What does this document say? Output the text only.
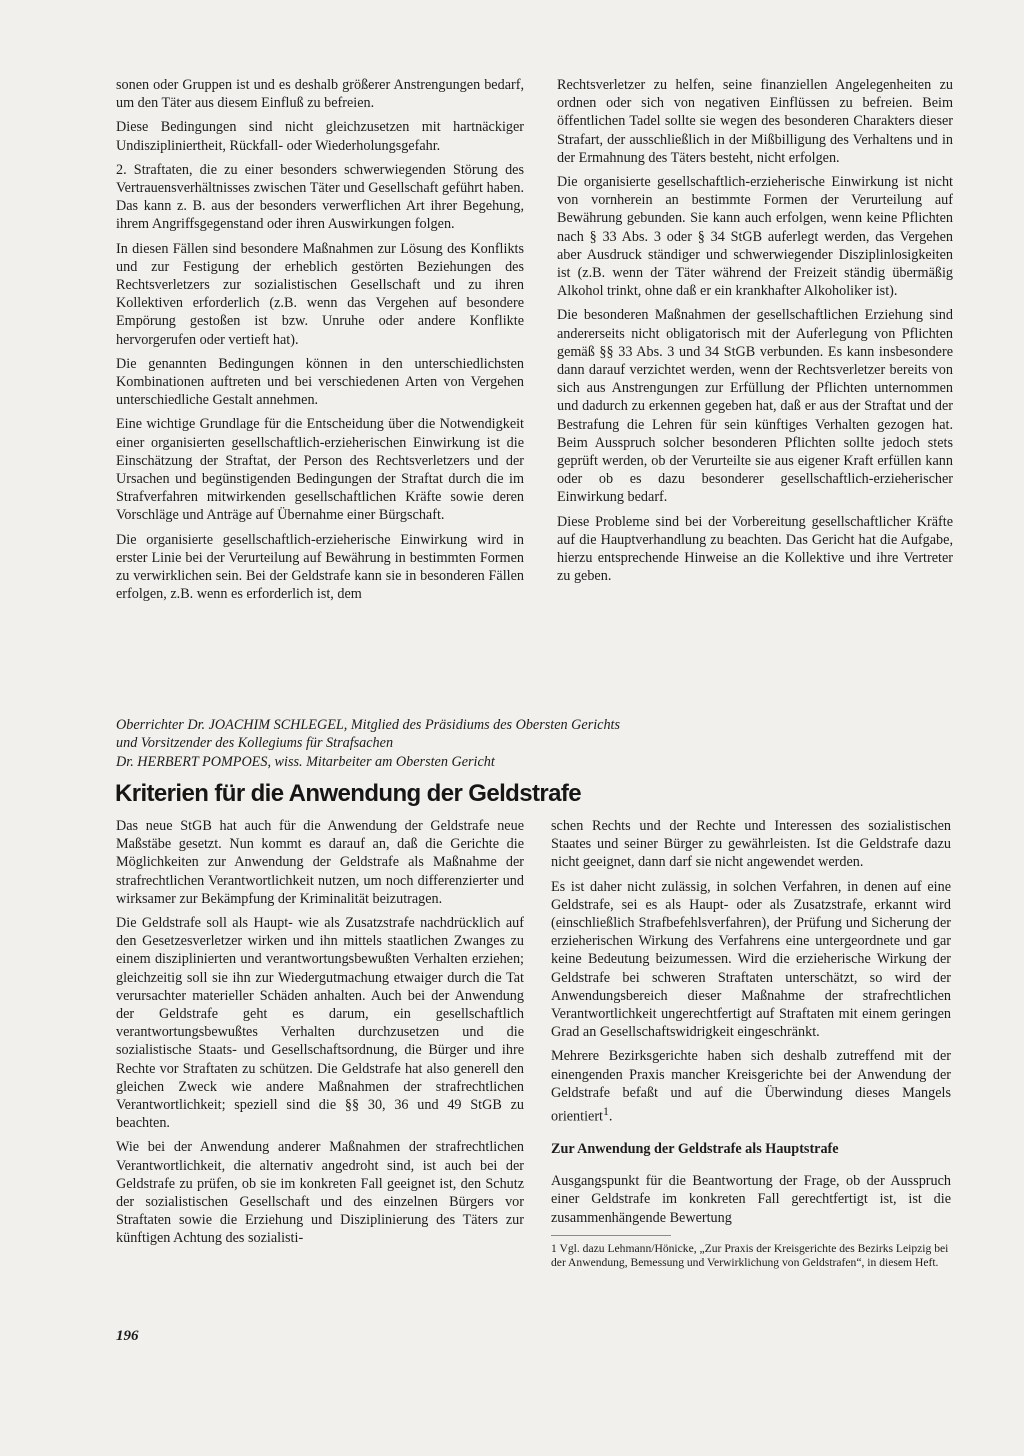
sonen oder Gruppen ist und es deshalb größerer Anstrengungen bedarf, um den Täter aus diesem Einfluß zu befreien.

Diese Bedingungen sind nicht gleichzusetzen mit hartnäckiger Undiszipliniertheit, Rückfall- oder Wiederholungsgefahr.

2. Straftaten, die zu einer besonders schwerwiegenden Störung des Vertrauensverhältnisses zwischen Täter und Gesellschaft geführt haben. Das kann z. B. aus der besonders verwerflichen Art ihrer Begehung, ihrem Angriffsgegenstand oder ihren Auswirkungen folgen.

In diesen Fällen sind besondere Maßnahmen zur Lösung des Konflikts und zur Festigung der erheblich gestörten Beziehungen des Rechtsverletzers zur sozialistischen Gesellschaft und zu ihren Kollektiven erforderlich (z.B. wenn das Vergehen auf besondere Empörung gestoßen ist bzw. Unruhe oder andere Konflikte hervorgerufen oder vertieft hat).

Die genannten Bedingungen können in den unterschiedlichsten Kombinationen auftreten und bei verschiedenen Arten von Vergehen unterschiedliche Gestalt annehmen.

Eine wichtige Grundlage für die Entscheidung über die Notwendigkeit einer organisierten gesellschaftlich-erzieherischen Einwirkung ist die Einschätzung der Straftat, der Person des Rechtsverletzers und der Ursachen und begünstigenden Bedingungen der Straftat durch die im Strafverfahren mitwirkenden gesellschaftlichen Kräfte sowie deren Vorschläge und Anträge auf Übernahme einer Bürgschaft.

Die organisierte gesellschaftlich-erzieherische Einwirkung wird in erster Linie bei der Verurteilung auf Bewährung in bestimmten Formen zu verwirklichen sein. Bei der Geldstrafe kann sie in besonderen Fällen erfolgen, z.B. wenn es erforderlich ist, dem

Rechtsverletzer zu helfen, seine finanziellen Angelegenheiten zu ordnen oder sich von negativen Einflüssen zu befreien. Beim öffentlichen Tadel sollte sie wegen des besonderen Charakters dieser Strafart, der ausschließlich in der Mißbilligung des Verhaltens und in der Ermahnung des Täters besteht, nicht erfolgen.

Die organisierte gesellschaftlich-erzieherische Einwirkung ist nicht von vornherein an bestimmte Formen der Verurteilung auf Bewährung gebunden. Sie kann auch erfolgen, wenn keine Pflichten nach § 33 Abs. 3 oder § 34 StGB auferlegt werden, das Vergehen aber Ausdruck ständiger und schwerwiegender Disziplinlosigkeiten ist (z.B. wenn der Täter während der Freizeit ständig übermäßig Alkohol trinkt, ohne daß er ein krankhafter Alkoholiker ist).

Die besonderen Maßnahmen der gesellschaftlichen Erziehung sind andererseits nicht obligatorisch mit der Auferlegung von Pflichten gemäß §§ 33 Abs. 3 und 34 StGB verbunden. Es kann insbesondere dann darauf verzichtet werden, wenn der Rechtsverletzer bereits von sich aus Anstrengungen zur Erfüllung der Pflichten unternommen und dadurch zu erkennen gegeben hat, daß er aus der Straftat und der Bestrafung die Lehren für sein künftiges Verhalten gezogen hat. Beim Ausspruch solcher besonderen Pflichten sollte jedoch stets geprüft werden, ob der Verurteilte sie aus eigener Kraft erfüllen kann oder ob es dazu besonderer gesellschaftlich-erzieherischer Einwirkung bedarf.

Diese Probleme sind bei der Vorbereitung gesellschaftlicher Kräfte auf die Hauptverhandlung zu beachten. Das Gericht hat die Aufgabe, hierzu entsprechende Hinweise an die Kollektive und ihre Vertreter zu geben.

Oberrichter Dr. JOACHIM SCHLEGEL, Mitglied des Präsidiums des Obersten Gerichts
und Vorsitzender des Kollegiums für Strafsachen
Dr. HERBERT POMPOES, wiss. Mitarbeiter am Obersten Gericht
Kriterien für die Anwendung der Geldstrafe

Das neue StGB hat auch für die Anwendung der Geldstrafe neue Maßstäbe gesetzt. Nun kommt es darauf an, daß die Gerichte die Möglichkeiten zur Anwendung der Geldstrafe als Maßnahme der strafrechtlichen Verantwortlichkeit nutzen, um noch differenzierter und wirksamer zur Bekämpfung der Kriminalität beizutragen.

Die Geldstrafe soll als Haupt- wie als Zusatzstrafe nachdrücklich auf den Gesetzesverletzer wirken und ihn mittels staatlichen Zwanges zu einem disziplinierten und verantwortungsbewußten Verhalten erziehen; gleichzeitig soll sie ihn zur Wiedergutmachung etwaiger durch die Tat verursachter materieller Schäden anhalten. Auch bei der Anwendung der Geldstrafe geht es darum, ein gesellschaftlich verantwortungsbewußtes Verhalten durchzusetzen und die sozialistische Staats- und Gesellschaftsordnung, die Bürger und ihre Rechte vor Straftaten zu schützen. Die Geldstrafe hat also generell den gleichen Zweck wie andere Maßnahmen der strafrechtlichen Verantwortlichkeit; speziell sind die §§ 30, 36 und 49 StGB zu beachten.

Wie bei der Anwendung anderer Maßnahmen der strafrechtlichen Verantwortlichkeit, die alternativ angedroht sind, ist auch bei der Geldstrafe zu prüfen, ob sie im konkreten Fall geeignet ist, den Schutz der sozialistischen Gesellschaft und des einzelnen Bürgers vor Straftaten sowie die Erziehung und Disziplinierung des Täters zur künftigen Achtung des sozialisti-

schen Rechts und der Rechte und Interessen des sozialistischen Staates und seiner Bürger zu gewährleisten. Ist die Geldstrafe dazu nicht geeignet, dann darf sie nicht angewendet werden.

Es ist daher nicht zulässig, in solchen Verfahren, in denen auf eine Geldstrafe, sei es als Haupt- oder als Zusatzstrafe, erkannt wird (einschließlich Strafbefehlsverfahren), der Prüfung und Sicherung der erzieherischen Wirkung des Verfahrens eine untergeordnete und gar keine Bedeutung beizumessen. Wird die erzieherische Wirkung der Geldstrafe bei schweren Straftaten unterschätzt, so wird der Anwendungsbereich dieser Maßnahme der strafrechtlichen Verantwortlichkeit ungerechtfertigt auf Straftaten mit einem geringen Grad an Gesellschaftswidrigkeit eingeschränkt.

Mehrere Bezirksgerichte haben sich deshalb zutreffend mit der einengenden Praxis mancher Kreisgerichte bei der Anwendung der Geldstrafe befaßt und auf die Überwindung dieses Mangels orientiert$^1$.

Zur Anwendung der Geldstrafe als Hauptstrafe

Ausgangspunkt für die Beantwortung der Frage, ob der Ausspruch einer Geldstrafe im konkreten Fall gerechtfertigt ist, ist die zusammenhängende Bewertung

1 Vgl. dazu Lehmann/Hönicke, „Zur Praxis der Kreisgerichte des Bezirks Leipzig bei der Anwendung, Bemessung und Verwirklichung von Geldstrafen“, in diesem Heft.
196
